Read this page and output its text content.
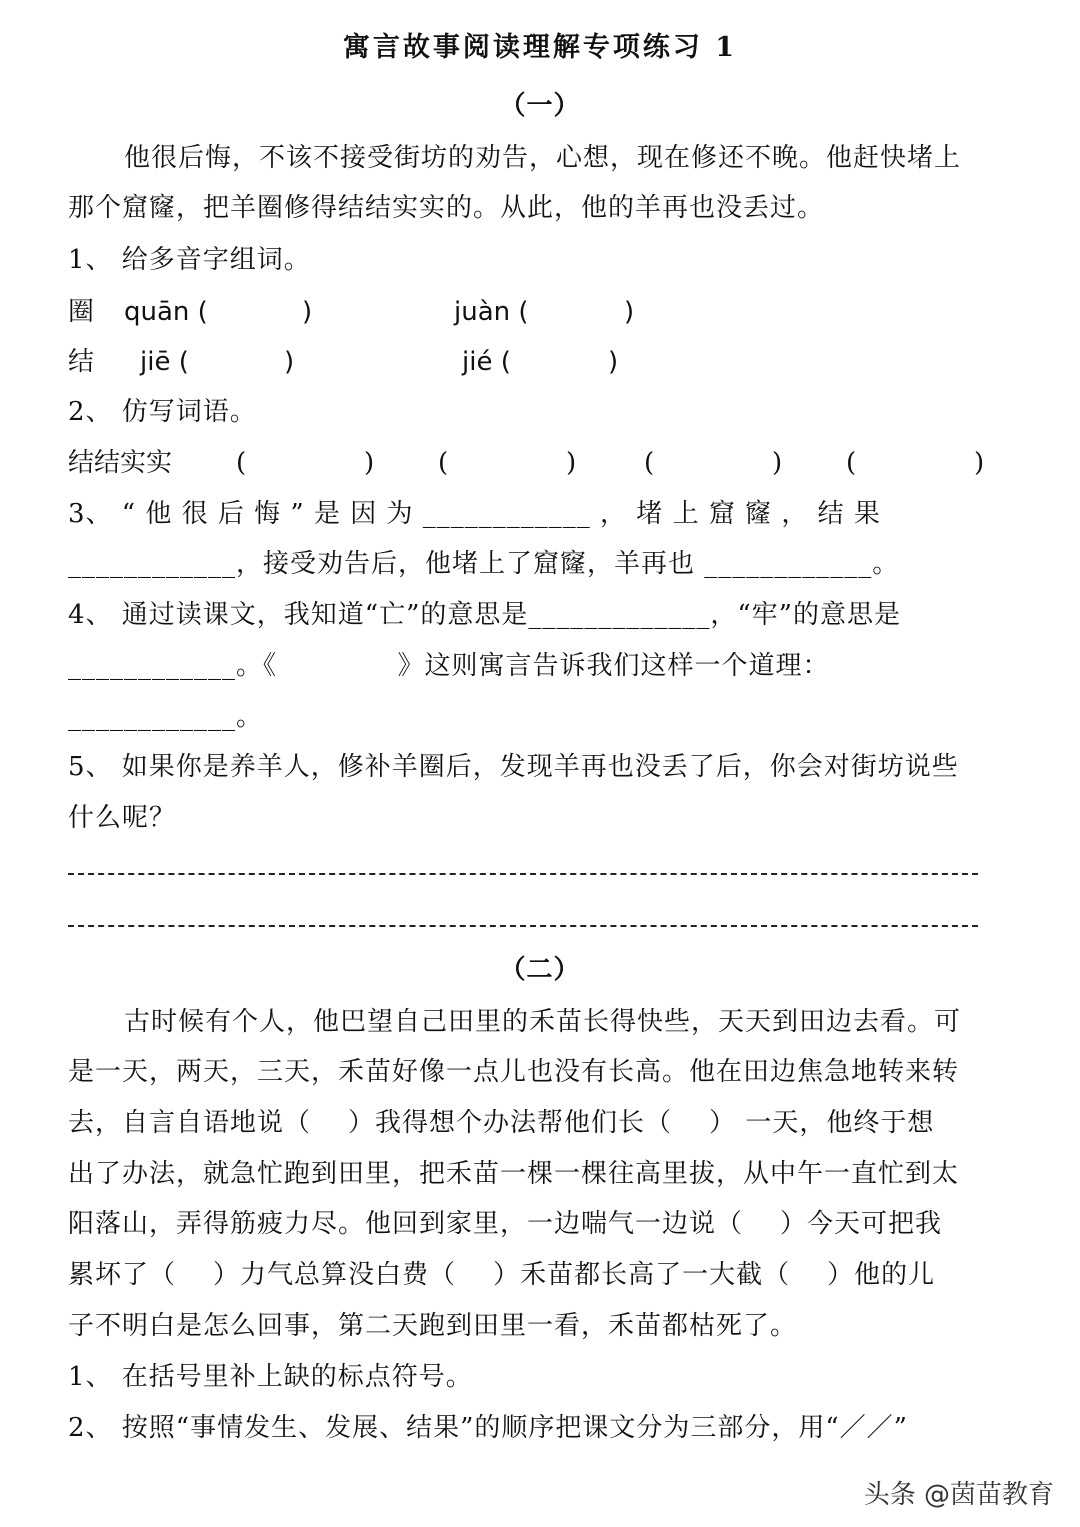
寓言故事阅读理解专项练习 1
（一）
他很后悔，不该不接受街坊的劝告，心想，现在修还不晚。他赶快堵上
那个窟窿，把羊圈修得结结实实的。从此，他的羊再也没丢过。
1、 给多音字组词。
圈 quān (	)	juàn (	)
结 jiē (	)	jié (	)
2、 仿写词语。
结结实实 (	) (	)	(	) (	)
3、 “ 他 很 后 悔 ” 是 因 为 ____________ ， 堵 上 窟 窿 ， 结 果
____________，接受劝告后，他堵上了窟窿，羊再也 ____________。
4、 通过读课文，我知道“亡”的意思是_____________，“牢”的意思是
____________。《             》这则寓言告诉我们这样一个道理：
____________。
5、 如果你是养羊人，修补羊圈后，发现羊再也没丢了后，你会对街坊说些
什么呢？
（二）
古时候有个人，他巴望自己田里的禾苗长得快些，天天到田边去看。可
是一天，两天，三天，禾苗好像一点儿也没有长高。他在田边焦急地转来转
去，自言自语地说（    ）我得想个办法帮他们长（    ） 一天，他终于想
出了办法，就急忙跑到田里，把禾苗一棵一棵往高里拔，从中午一直忙到太
阳落山，弄得筋疲力尽。他回到家里，一边喘气一边说（    ）今天可把我
累坏了（    ）力气总算没白费（    ）禾苗都长高了一大截（    ）他的儿
子不明白是怎么回事，第二天跑到田里一看，禾苗都枯死了。
1、 在括号里补上缺的标点符号。
2、 按照“事情发生、发展、结果”的顺序把课文分为三部分，用“／／”
头条 @茵苗教育
